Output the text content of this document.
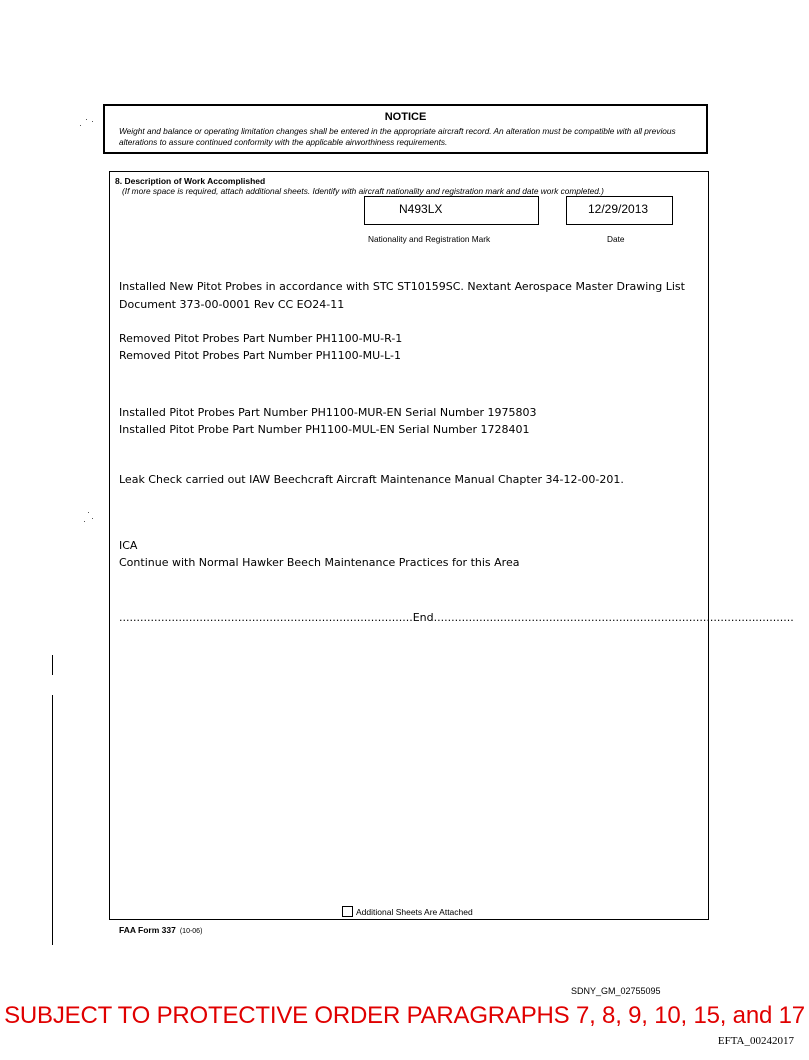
NOTICE
Weight and balance or operating limitation changes shall be entered in the appropriate aircraft record. An alteration must be compatible with all previous alterations to assure continued conformity with the applicable airworthiness requirements.
8. Description of Work Accomplished
(If more space is required, attach additional sheets. Identify with aircraft nationality and registration mark and date work completed.)
N493LX
Nationality and Registration Mark
12/29/2013
Date
Installed New Pitot Probes in accordance with STC ST10159SC. Nextant Aerospace Master Drawing List
Document 373-00-0001 Rev CC EO24-11
Removed Pitot Probes Part Number PH1100-MU-R-1
Removed Pitot Probes Part Number PH1100-MU-L-1
Installed Pitot Probes Part Number PH1100-MUR-EN Serial Number 1975803
Installed Pitot Probe Part Number PH1100-MUL-EN Serial Number 1728401
Leak Check carried out IAW Beechcraft Aircraft Maintenance Manual Chapter 34-12-00-201.
ICA
Continue with Normal Hawker Beech Maintenance Practices for this Area
....................................................................................End.......................................................................................................
Additional Sheets Are Attached
FAA Form 337 (10-06)
SDNY_GM_02755095
SUBJECT TO PROTECTIVE ORDER PARAGRAPHS 7, 8, 9, 10, 15, and 17
EFTA_00242017
